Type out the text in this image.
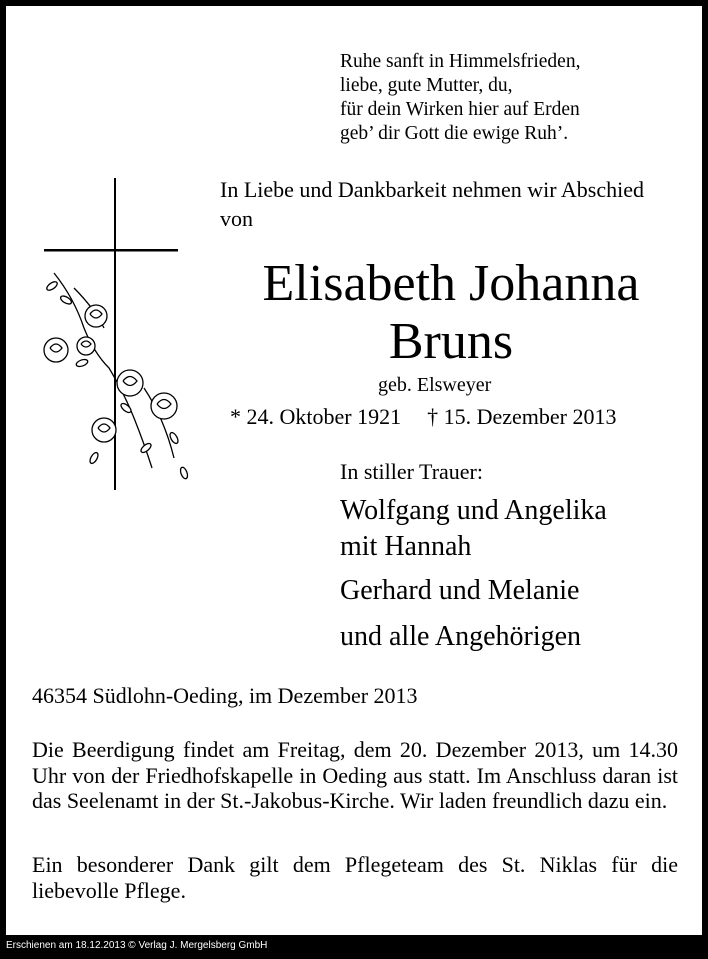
Ruhe sanft in Himmelsfrieden,
liebe, gute Mutter, du,
für dein Wirken hier auf Erden
geb’ dir Gott die ewige Ruh’.
In Liebe und Dankbarkeit nehmen wir Abschied von
Elisabeth Johanna
Bruns
geb. Elsweyer
* 24. Oktober 1921 † 15. Dezember 2013
In stiller Trauer:
Wolfgang und Angelika
mit Hannah
Gerhard und Melanie
und alle Angehörigen
46354 Südlohn-Oeding, im Dezember 2013
Die Beerdigung findet am Freitag, dem 20. Dezember 2013, um 14.30 Uhr von der Friedhofskapelle in Oeding aus statt. Im Anschluss daran ist das Seelenamt in der St.-Jakobus-Kirche. Wir laden freundlich dazu ein.
Ein besonderer Dank gilt dem Pflegeteam des St. Niklas für die liebevolle Pflege.
Erschienen am 18.12.2013 © Verlag J. Mergelsberg GmbH
